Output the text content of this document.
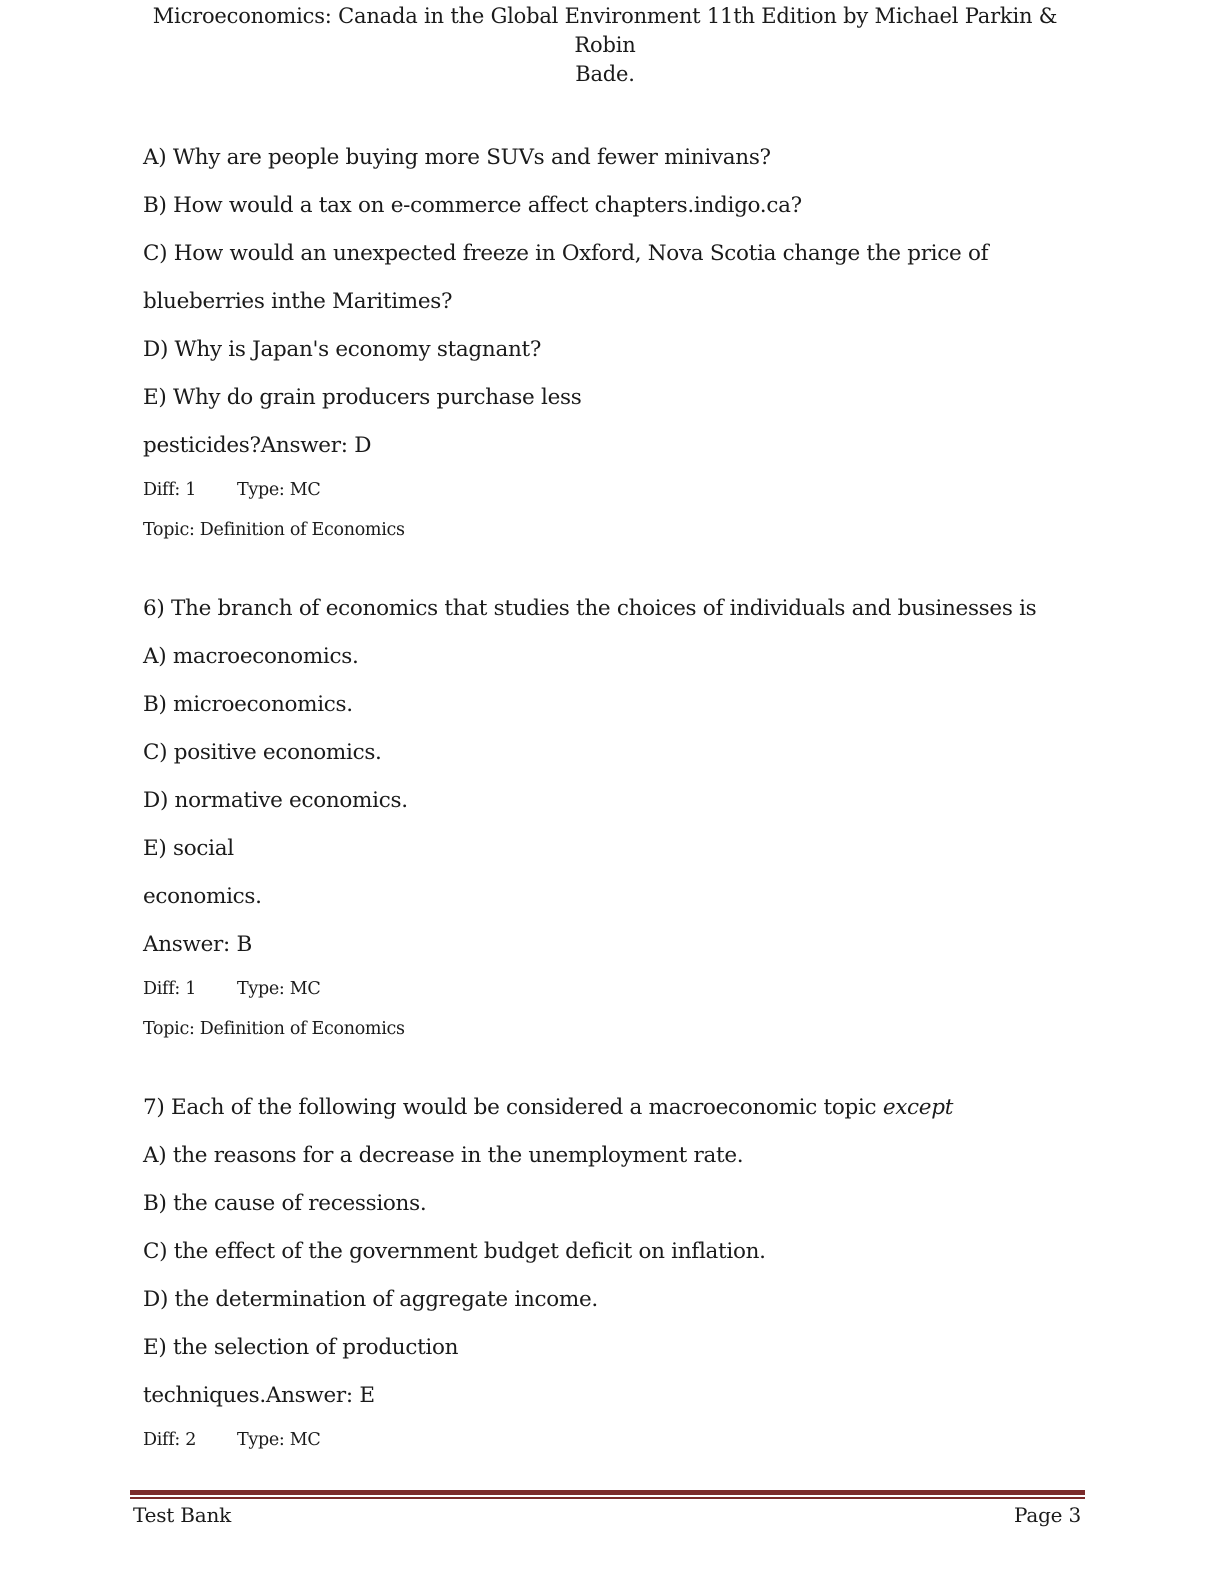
Microeconomics: Canada in the Global Environment 11th Edition by Michael Parkin & Robin
Bade.
A) Why are people buying more SUVs and fewer minivans?
B) How would a tax on e-commerce affect chapters.indigo.ca?
C) How would an unexpected freeze in Oxford, Nova Scotia change the price of
blueberries inthe Maritimes?
D) Why is Japan's economy stagnant?
E) Why do grain producers purchase less
pesticides?Answer: D
Diff: 1 Type: MC
Topic: Definition of Economics
6) The branch of economics that studies the choices of individuals and businesses is
A) macroeconomics.
B) microeconomics.
C) positive economics.
D) normative economics.
E) social
economics.
Answer: B
Diff: 1 Type: MC
Topic: Definition of Economics
7) Each of the following would be considered a macroeconomic topic except
A) the reasons for a decrease in the unemployment rate.
B) the cause of recessions.
C) the effect of the government budget deficit on inflation.
D) the determination of aggregate income.
E) the selection of production
techniques.Answer: E
Diff: 2 Type: MC
Test Bank	Page 3
